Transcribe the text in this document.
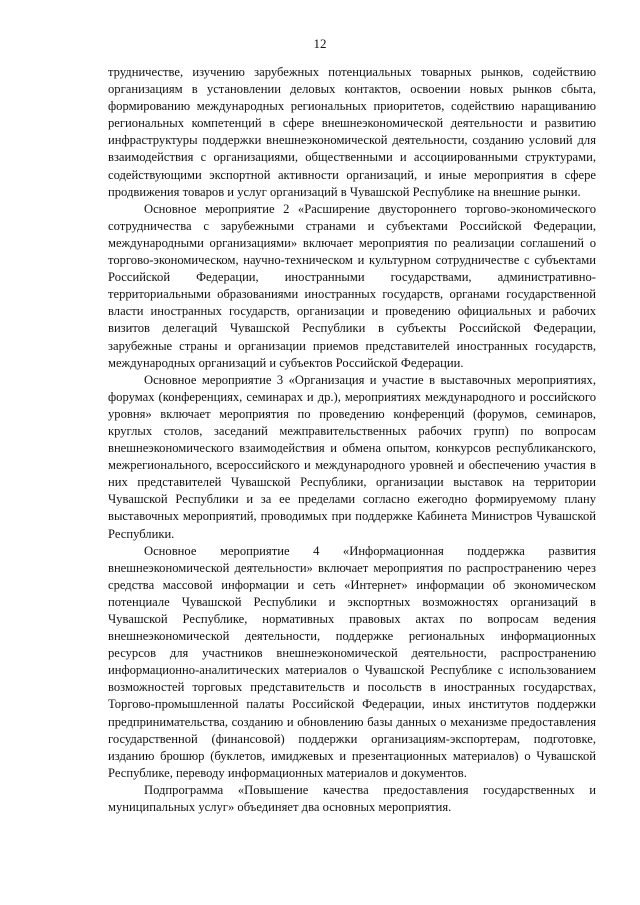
12

трудничестве, изучению зарубежных потенциальных товарных рынков, содействию организациям в установлении деловых контактов, освоении новых рынков сбыта, формированию международных региональных приоритетов, содействию наращиванию региональных компетенций в сфере внешнеэкономической деятельности и развитию инфраструктуры поддержки внешнеэкономической деятельности, созданию условий для взаимодействия с организациями, общественными и ассоциированными структурами, содействующими экспортной активности организаций, и иные мероприятия в сфере продвижения товаров и услуг организаций в Чувашской Республике на внешние рынки.

Основное мероприятие 2 «Расширение двустороннего торгово-экономического сотрудничества с зарубежными странами и субъектами Российской Федерации, международными организациями» включает мероприятия по реализации соглашений о торгово-экономическом, научно-техническом и культурном сотрудничестве с субъектами Российской Федерации, иностранными государствами, административно-территориальными образованиями иностранных государств, органами государственной власти иностранных государств, организации и проведению официальных и рабочих визитов делегаций Чувашской Республики в субъекты Российской Федерации, зарубежные страны и организации приемов представителей иностранных государств, международных организаций и субъектов Российской Федерации.

Основное мероприятие 3 «Организация и участие в выставочных мероприятиях, форумах (конференциях, семинарах и др.), мероприятиях международного и российского уровня» включает мероприятия по проведению конференций (форумов, семинаров, круглых столов, заседаний межправительственных рабочих групп) по вопросам внешнеэкономического взаимодействия и обмена опытом, конкурсов республиканского, межрегионального, всероссийского и международного уровней и обеспечению участия в них представителей Чувашской Республики, организации выставок на территории Чувашской Республики и за ее пределами согласно ежегодно формируемому плану выставочных мероприятий, проводимых при поддержке Кабинета Министров Чувашской Республики.

Основное мероприятие 4 «Информационная поддержка развития внешнеэкономической деятельности» включает мероприятия по распространению через средства массовой информации и сеть «Интернет» информации об экономическом потенциале Чувашской Республики и экспортных возможностях организаций в Чувашской Республике, нормативных правовых актах по вопросам ведения внешнеэкономической деятельности, поддержке региональных информационных ресурсов для участников внешнеэкономической деятельности, распространению информационно-аналитических материалов о Чувашской Республике с использованием возможностей торговых представительств и посольств в иностранных государствах, Торгово-промышленной палаты Российской Федерации, иных институтов поддержки предпринимательства, созданию и обновлению базы данных о механизме предоставления государственной (финансовой) поддержки организациям-экспортерам, подготовке, изданию брошюр (буклетов, имиджевых и презентационных материалов) о Чувашской Республике, переводу информационных материалов и документов.

Подпрограмма «Повышение качества предоставления государственных и муниципальных услуг» объединяет два основных мероприятия.
